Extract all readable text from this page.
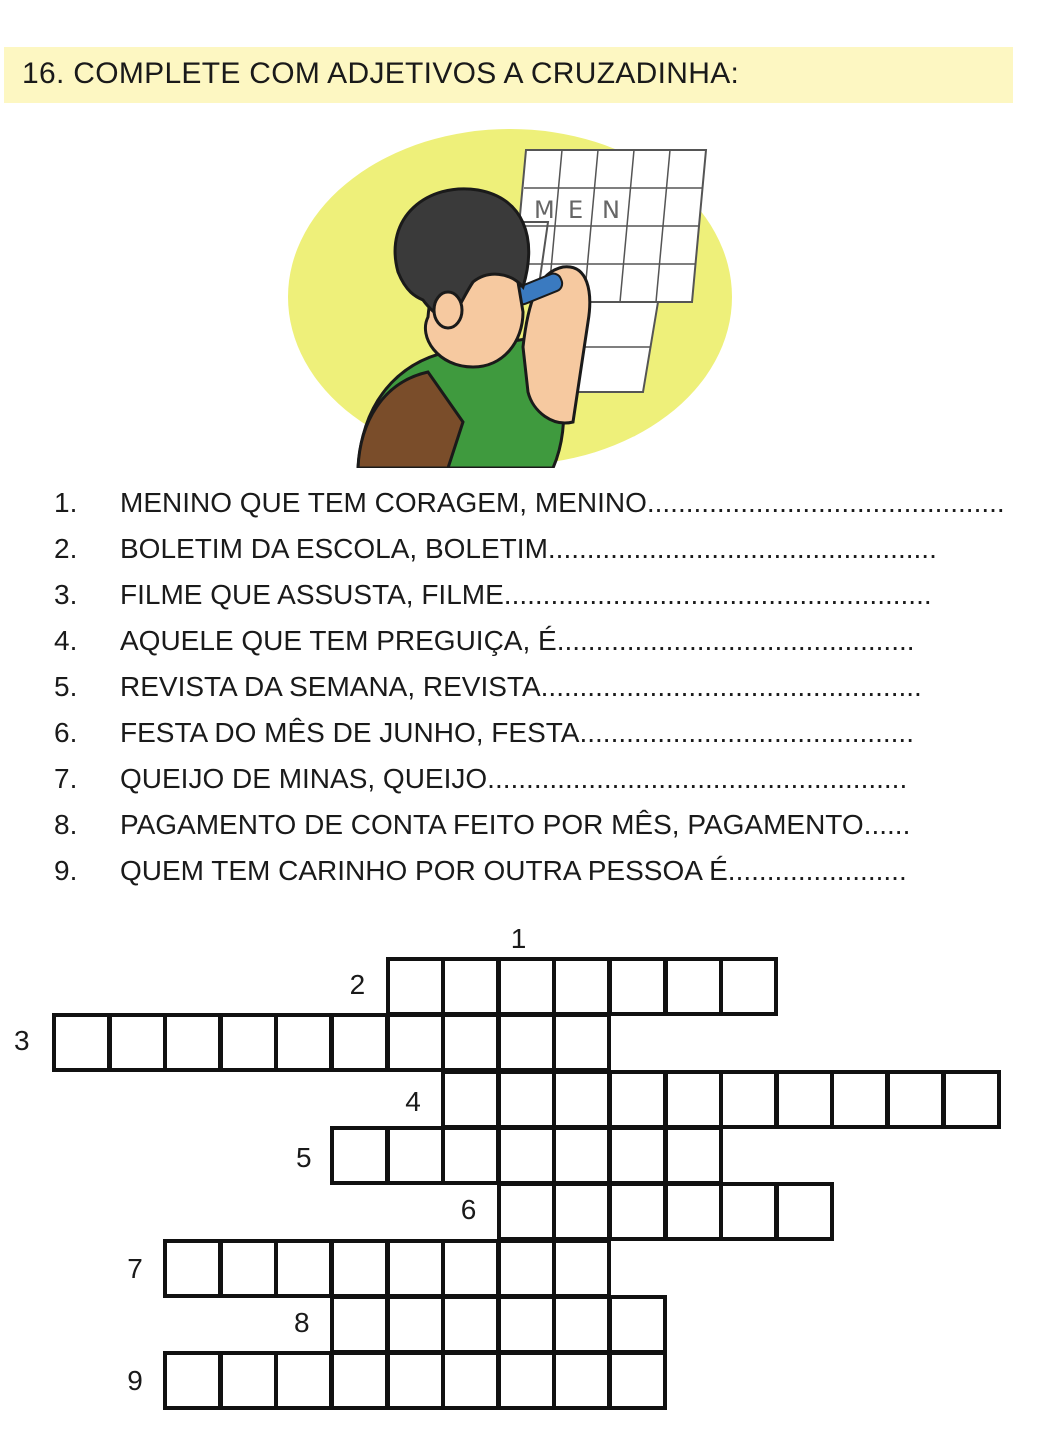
16. COMPLETE COM ADJETIVOS A CRUZADINHA:
M E N
1. MENINO QUE TEM CORAGEM, MENINO..............................................
2. BOLETIM DA ESCOLA, BOLETIM..................................................
3. FILME QUE ASSUSTA, FILME.......................................................
4. AQUELE QUE TEM PREGUIÇA, É..............................................
5. REVISTA DA SEMANA, REVISTA.................................................
6. FESTA DO MÊS DE JUNHO, FESTA...........................................
7. QUEIJO DE MINAS, QUEIJO......................................................
8. PAGAMENTO DE CONTA FEITO POR MÊS, PAGAMENTO......
9. QUEM TEM CARINHO POR OUTRA PESSOA É.......................
1
2
3
4
5
6
7
8
9
